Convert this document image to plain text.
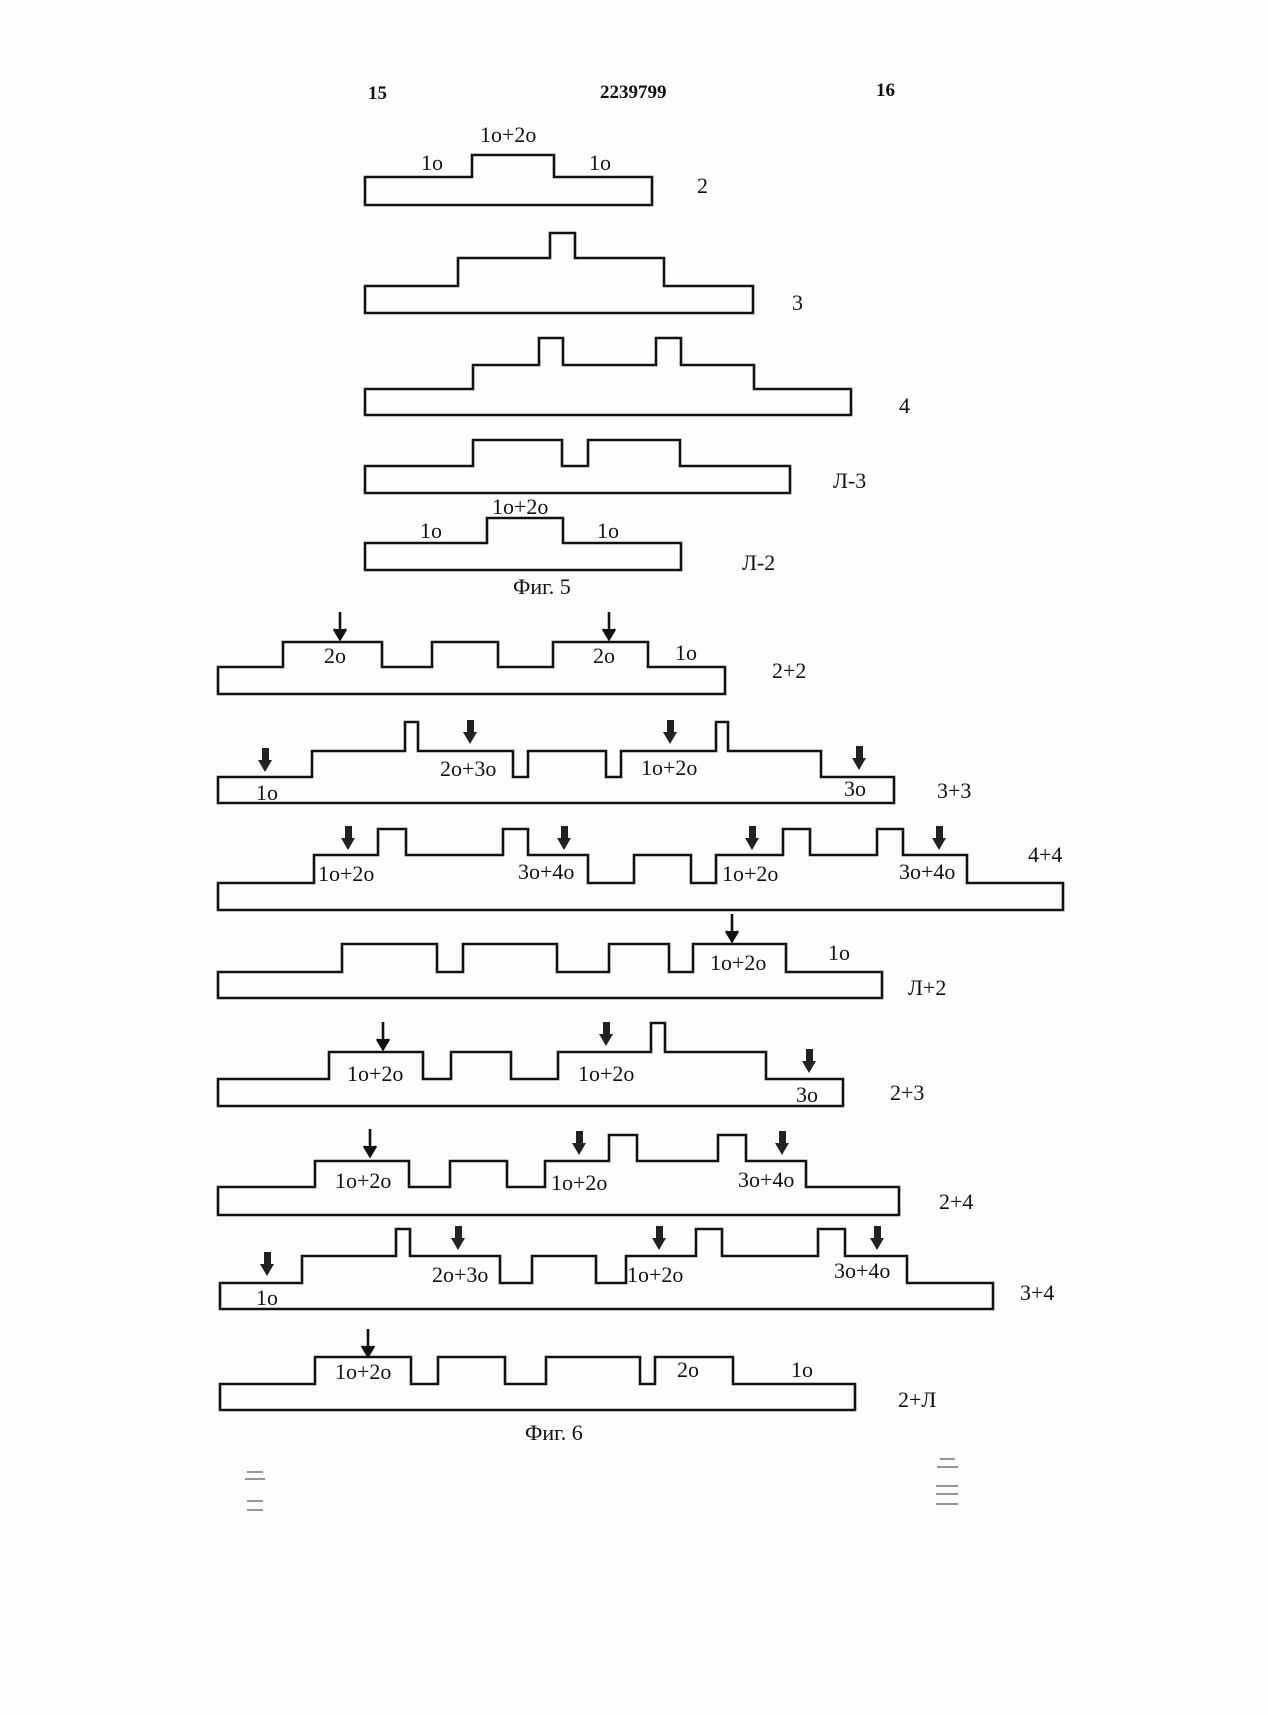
15	2239799	16
1o+2o
1o	1o
2
3
4
Л-3
1o+2o
1o	1o
Л-2
Фиг. 5
2o	2o	1o
2+2
1o
2o+3o	1o+2o
3o	3+3
1o+2o	3o+4o	1o+2o	3o+4o
4+4
1o+2o	1o
Л+2
1o+2o	1o+2o
3o	2+3
1o+2o	1o+2o	3o+4o
2+4
1o
2o+3o	1o+2o	3o+4o
3+4
1o+2o	2o	1o
2+Л
Фиг. 6
